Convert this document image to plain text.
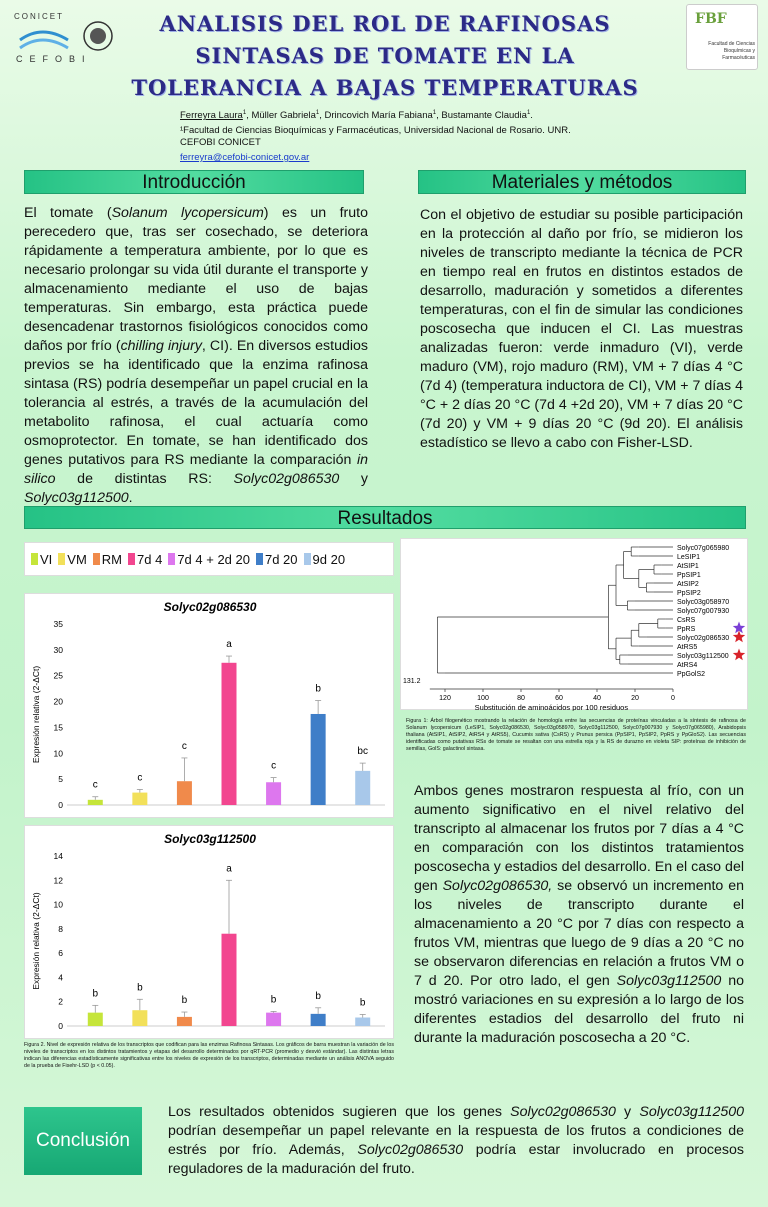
CONICET
CEFOBI
ANALISIS DEL ROL DE RAFINOSAS SINTASAS DE TOMATE EN LA TOLERANCIA A BAJAS TEMPERATURAS
FBF
Facultad de Ciencias Bioquímicas y Farmacéuticas
Ferreyra Laura$^1$, Müller Gabriela$^1$, Drincovich María Fabiana$^1$, Bustamante Claudia$^1$.
¹Facultad de Ciencias Bioquímicas y Farmacéuticas, Universidad Nacional de Rosario. UNR. CEFOBI CONICET
ferreyra@cefobi-conicet.gov.ar
Introducción	Materiales y métodos
El tomate (Solanum lycopersicum) es un fruto perecedero que, tras ser cosechado, se deteriora rápidamente a temperatura ambiente, por lo que es necesario prolongar su vida útil durante el transporte y almacenamiento mediante el uso de bajas temperaturas. Sin embargo, esta práctica puede desencadenar trastornos fisiológicos conocidos como daños por frío (chilling injury, CI). En diversos estudios previos se ha identificado que la enzima rafinosa sintasa (RS) podría desempeñar un papel crucial en la tolerancia al estrés, a través de la acumulación del metabolito rafinosa, el cual actuaría como osmoprotector. En tomate, se han identificado dos genes putativos para RS mediante la comparación in silico de distintas RS: Solyc02g086530 y Solyc03g112500.
Con el objetivo de estudiar su posible participación en la protección al daño por frío, se midieron los niveles de transcripto mediante la técnica de PCR en tiempo real en frutos en distintos estados de desarrollo, maduración y sometidos a diferentes temperaturas, con el fin de simular las condiciones poscosecha que inducen el CI. Las muestras analizadas fueron: verde inmaduro (VI), verde maduro (VM), rojo maduro (RM), VM + 7 días 4 °C (7d 4) (temperatura inductora de CI), VM + 7 días 4 °C + 2 días 20 °C (7d 4 +2d 20), VM + 7 días 20 °C (7d 20) y VM + 9 días 20 °C (9d 20). El análisis estadístico se llevo a cabo con Fisher-LSD.
Resultados
VI VM RM 7d 4 7d 4 + 2d 20 7d 20 9d 20
Solyc02g086530
0
5
10
15
20
25
30
35
Expresión relativa (2-ΔCt)
c
c
c
a
c
b
bc
Solyc03g112500
0
2
4
6
8
10
12
14
Expresión relativa (2-ΔCt)
b
b
b
a
b	b
b
Figura 2. Nivel de expresión relativa de los transcriptos que codifican para las enzimas Rafinosa Sintasas. Los gráficos de barra muestran la variación de los niveles de transcriptos en los distintos tratamientos y etapas del desarrollo determinados por qRT-PCR (promedio y desvió estándar). Las distintas letras indican las diferencias estadísticamente significativas entre los niveles de expresión de los transcriptos, determinadas mediante un análisis ANOVA seguido de la prueba de Fisehr-LSD (p < 0.05).
Solyc07g065980
LeSIP1
AtSIP1
PpSIP1
AtSIP2
PpSIP2
Solyc03g058970
Solyc07g007930
CsRS
PpRS
Solyc02g086530
AtRS5
Solyc03g112500
AtRS4
PpGolS2
131.2
120	100	80	60	40	20	0
Substitución de aminoácidos por 100 residuos
Figura 1: Árbol filogenético mostrando la relación de homología entre las secuencias de proteínas vinculadas a la síntesis de rafinosa de Solanum lycopersicum (LeSIP1, Solyc02g086530, Solyc03g058970, Solyc03g112500, Solyc07g007930 y Solyc07g065980), Arabidopsis thaliana (AtSIP1, AtSIP2, AtRS4 y AtRS5), Cucumis sativa (CsRS) y Prunus persica (PpSIP1, PpSIP2, PpRS y PpGloS2). Las secuencias identificadas como putativas RSs de tomate se resaltan con una estrella roja y la RS de durazno en violeta SIP: proteínas de inhibición de semillas, GolS: galactinol sintasa.
Ambos genes mostraron respuesta al frío, con un aumento significativo en el nivel relativo del transcripto al almacenar los frutos por 7 días a 4 °C en comparación con los distintos tratamientos poscosecha y estadios del desarrollo. En el caso del gen Solyc02g086530, se observó un incremento en los niveles de transcripto durante el almacenamiento a 20 °C por 7 días con respecto a frutos VM, mientras que luego de 9 días a 20 °C no se observaron diferencias en relación a frutos VM o 7 d 20. Por otro lado, el gen Solyc03g112500 no mostró variaciones en su expresión a lo largo de los diferentes estadios del desarrollo del fruto ni durante la maduración poscosecha a 20 °C.
Conclusión
Los resultados obtenidos sugieren que los genes Solyc02g086530 y Solyc03g112500 podrían desempeñar un papel relevante en la respuesta de los frutos a condiciones de estrés por frío. Además, Solyc02g086530 podría estar involucrado en procesos reguladores de la maduración del fruto.
